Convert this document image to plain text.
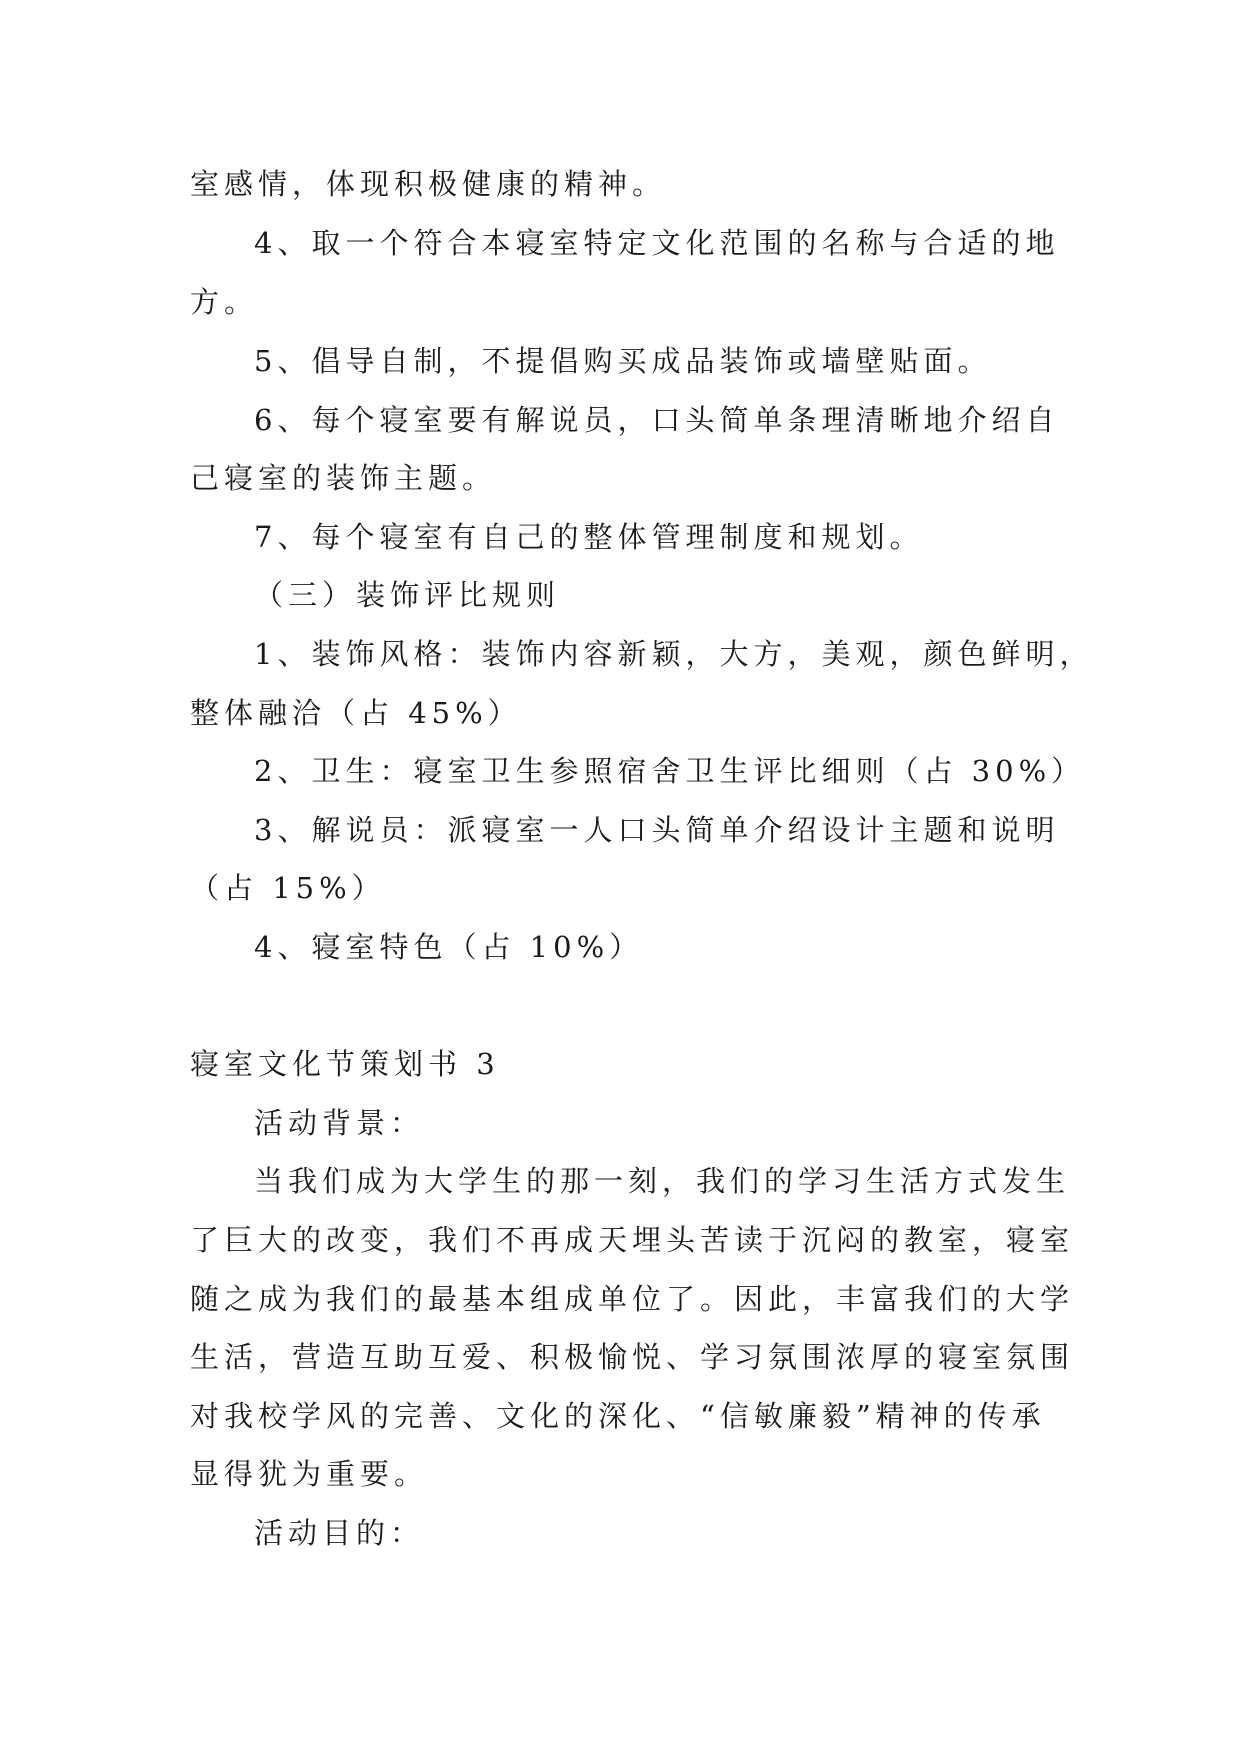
室感情，体现积极健康的精神。

4、取一个符合本寝室特定文化范围的名称与合适的地

方。

5、倡导自制，不提倡购买成品装饰或墙壁贴面。

6、每个寝室要有解说员，口头简单条理清晰地介绍自

己寝室的装饰主题。

7、每个寝室有自己的整体管理制度和规划。

（三）装饰评比规则

1、装饰风格：装饰内容新颖，大方，美观，颜色鲜明，

整体融洽（占 45%）

2、卫生：寝室卫生参照宿舍卫生评比细则（占 30%）

3、解说员：派寝室一人口头简单介绍设计主题和说明

（占 15%）

4、寝室特色（占 10%）

寝室文化节策划书 3

活动背景：

当我们成为大学生的那一刻，我们的学习生活方式发生

了巨大的改变，我们不再成天埋头苦读于沉闷的教室，寝室

随之成为我们的最基本组成单位了。因此，丰富我们的大学

生活，营造互助互爱、积极愉悦、学习氛围浓厚的寝室氛围

对我校学风的完善、文化的深化、“信敏廉毅”精神的传承

显得犹为重要。

活动目的：
